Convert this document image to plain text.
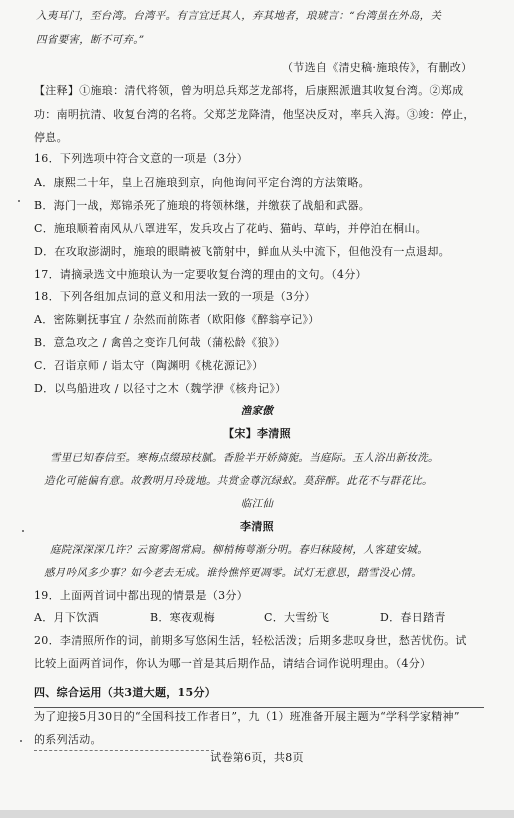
入夷耳门，至台湾。台湾平。有言宜迁其人，弃其地者，琅琥言：“台湾虽在外岛，关
四省要害，断不可弃。”
（节选自《清史稿·施琅传》，有删改）
【注释】①施琅：清代将领，曾为明总兵郑芝龙部将，后康熙派遣其收复台湾。②郑成
功：南明抗清、收复台湾的名将。父郑芝龙降清，他坚决反对，率兵入海。③竣：停止，
停息。
16．下列选项中符合文意的一项是（3分）
A．康熙二十年，皇上召施琅到京，向他询问平定台湾的方法策略。
B．海门一战，郑锦杀死了施琅的将领林继，并缴获了战船和武器。
C．施琅顺着南风从八罩进军，发兵攻占了花屿、猫屿、草屿，并停泊在桐山。
D．在攻取澎湖时，施琅的眼睛被飞箭射中，鲜血从头中流下，但他没有一点退却。
17．请摘录选文中施琅认为一定要收复台湾的理由的文句。（4分）
18．下列各组加点词的意义和用法一致的一项是（3分）
A．密陈剿抚事宜 / 杂然而前陈者（欧阳修《醉翁亭记》）
B．意急攻之 / 禽兽之变诈几何哉（蒲松龄《狼》）
C．召诣京师 / 诣太守（陶渊明《桃花源记》）
D．以鸟船进攻 / 以径寸之木（魏学洢《核舟记》）
渔家傲
【宋】李清照
雪里已知春信至。寒梅点缀琼枝腻。香脸半开娇旖旎。当庭际。玉人浴出新妆洗。
造化可能偏有意。故教明月玲珑地。共赏金尊沉绿蚁。莫辞醉。此花不与群花比。
临江仙
李清照
庭院深深深几许？云窗雾阁常扃。柳梢梅萼渐分明。春归秣陵树，人客建安城。
感月吟风多少事？如今老去无成。谁怜憔悴更凋零。试灯无意思，踏雪没心情。
19．上面两首词中都出现的情景是（3分）
A．月下饮酒	B．寒夜观梅	C．大雪纷飞	D．春日踏青
20．李清照所作的词，前期多写悠闲生活，轻松活泼；后期多悲叹身世，愁苦忧伤。试
比较上面两首词作，你认为哪一首是其后期作品，请结合词作说明理由。（4分）
四、综合运用（共3道大题，15分）
为了迎接5月30日的“全国科技工作者日”，九（1）班准备开展主题为“学科学家精神”
的系列活动。
试卷第6页，共8页
